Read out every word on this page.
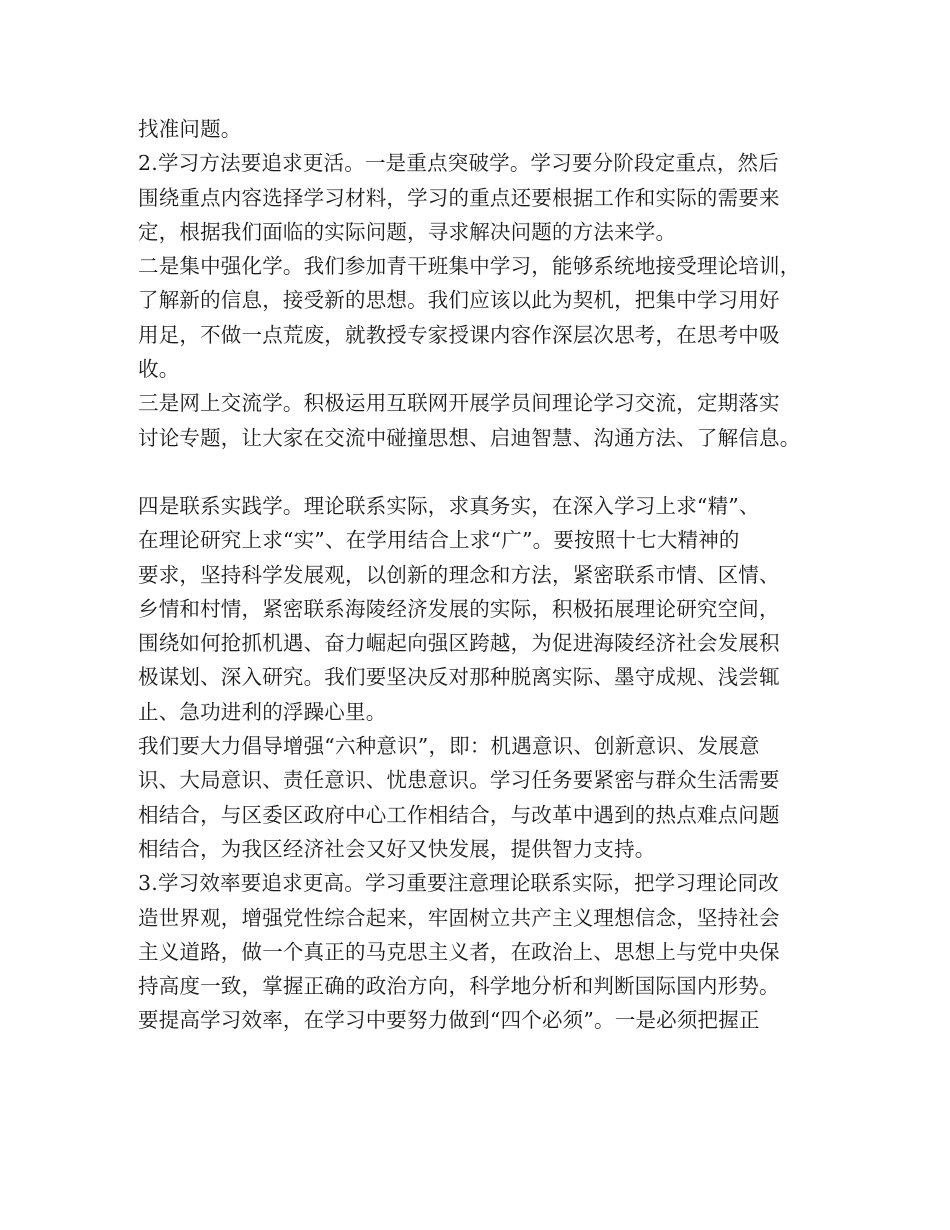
找准问题。
2.学习方法要追求更活。一是重点突破学。学习要分阶段定重点，然后
围绕重点内容选择学习材料，学习的重点还要根据工作和实际的需要来
定，根据我们面临的实际问题，寻求解决问题的方法来学。
二是集中强化学。我们参加青干班集中学习，能够系统地接受理论培训，
了解新的信息，接受新的思想。我们应该以此为契机，把集中学习用好
用足，不做一点荒废，就教授专家授课内容作深层次思考，在思考中吸
收。
三是网上交流学。积极运用互联网开展学员间理论学习交流，定期落实
讨论专题，让大家在交流中碰撞思想、启迪智慧、沟通方法、了解信息。
四是联系实践学。理论联系实际，求真务实，在深入学习上求“精”、
在理论研究上求“实”、在学用结合上求“广”。要按照十七大精神的
要求，坚持科学发展观，以创新的理念和方法，紧密联系市情、区情、
乡情和村情，紧密联系海陵经济发展的实际，积极拓展理论研究空间，
围绕如何抢抓机遇、奋力崛起向强区跨越，为促进海陵经济社会发展积
极谋划、深入研究。我们要坚决反对那种脱离实际、墨守成规、浅尝辄
止、急功进利的浮躁心里。
我们要大力倡导增强“六种意识”，即：机遇意识、创新意识、发展意
识、大局意识、责任意识、忧患意识。学习任务要紧密与群众生活需要
相结合，与区委区政府中心工作相结合，与改革中遇到的热点难点问题
相结合，为我区经济社会又好又快发展，提供智力支持。
3.学习效率要追求更高。学习重要注意理论联系实际，把学习理论同改
造世界观，增强党性综合起来，牢固树立共产主义理想信念，坚持社会
主义道路，做一个真正的马克思主义者，在政治上、思想上与党中央保
持高度一致，掌握正确的政治方向，科学地分析和判断国际国内形势。
要提高学习效率，在学习中要努力做到“四个必须”。一是必须把握正
